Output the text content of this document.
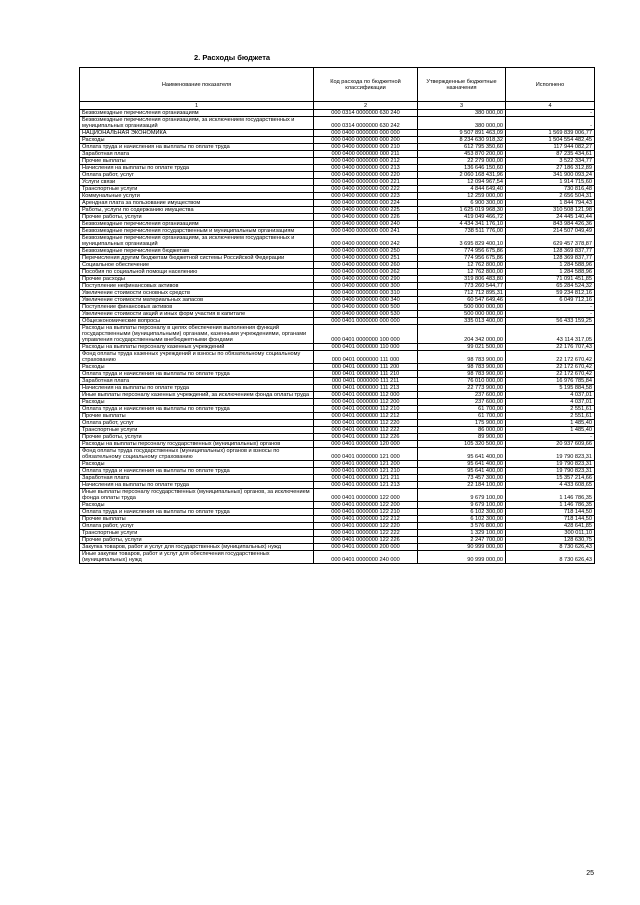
2. Расходы бюджета
Наименование показателя	Код расхода по бюджетной классификации	Утвержденные бюджетные назначения	Исполнено
1	2	3	4
Безвозмездные перечисления организациям	000 0314 0000000 630 240	380 000,00	-
Безвозмездные перечисления организациям, за исключением государственных и муниципальных организаций	000 0314 0000000 630 242	380 000,00	-
НАЦИОНАЛЬНАЯ ЭКОНОМИКА	000 0400 0000000 000 000	9 507 891 463,09	1 569 839 006,77
Расходы	000 0400 0000000 000 200	8 234 630 918,32	1 504 554 482,45
Оплата труда и начисления на выплаты по оплате труда	000 0400 0000000 000 210	612 795 350,60	117 944 082,27
Заработная плата	000 0400 0000000 000 211	453 870 200,00	87 235 434,61
Прочие выплаты	000 0400 0000000 000 212	22 279 000,00	3 522 334,77
Начисления на выплаты по оплате труда	000 0400 0000000 000 213	136 646 150,60	27 186 312,89
Оплата работ, услуг	000 0400 0000000 000 220	2 060 168 431,96	341 900 093,24
Услуги связи	000 0400 0000000 000 221	12 094 967,54	1 914 715,60
Транспортные услуги	000 0400 0000000 000 222	4 844 649,40	730 816,48
Коммунальные услуги	000 0400 0000000 000 223	12 259 000,00	2 656 504,31
Арендная плата за пользование имуществом	000 0400 0000000 000 224	6 900 300,00	1 844 794,43
Работы, услуги по содержанию имущества	000 0400 0000000 000 225	1 625 019 968,30	310 508 121,98
Прочие работы, услуги	000 0400 0000000 000 226	419 049 466,72	24 445 140,44
Безвозмездные перечисления организациям	000 0400 0000000 000 240	4 434 341 176,10	843 984 426,36
Безвозмездные перечисления государственным и муниципальным организациям	000 0400 0000000 000 241	738 511 776,00	214 507 049,49
Безвозмездные перечисления организациям, за исключением государственных и муниципальных организаций	000 0400 0000000 000 242	3 695 829 400,10	629 457 378,87
Безвозмездные перечисления бюджетам	000 0400 0000000 000 250	774 956 675,86	128 369 837,77
Перечисления другим бюджетам бюджетной системы Российской Федерации	000 0400 0000000 000 251	774 956 675,86	128 369 837,77
Социальное обеспечение	000 0400 0000000 000 260	12 762 800,00	1 284 588,96
Пособия по социальной помощи населению	000 0400 0000000 000 262	12 762 800,00	1 284 588,96
Прочие расходы	000 0400 0000000 000 290	319 806 483,80	71 091 451,85
Поступление нефинансовых активов	000 0400 0000000 000 300	773 260 544,77	65 284 524,32
Увеличение стоимости основных средств	000 0400 0000000 000 310	712 712 895,31	59 234 812,16
Увеличение стоимости материальных запасов	000 0400 0000000 000 340	60 547 649,46	6 049 712,16
Поступление финансовых активов	000 0400 0000000 000 500	500 000 000,00	-
Увеличение стоимости акций и иных форм участия в капитале	000 0400 0000000 000 530	500 000 000,00	-
Общеэкономические вопросы	000 0401 0000000 000 000	335 013 400,00	56 433 159,25
Расходы на выплаты персоналу в целях обеспечения выполнения функций государственными (муниципальными) органами, казенными учреждениями, органами управления государственными внебюджетными фондами	000 0401 0000000 100 000	204 342 000,00	43 114 317,05
Расходы на выплаты персоналу казенных учреждений	000 0401 0000000 110 000	99 021 500,00	22 176 707,43
Фонд оплаты труда казенных учреждений и взносы по обязательному социальному страхованию	000 0401 0000000 111 000	98 783 900,00	22 172 670,42
Расходы	000 0401 0000000 111 200	98 783 900,00	22 172 670,42
Оплата труда и начисления на выплаты по оплате труда	000 0401 0000000 111 210	98 783 900,00	22 172 670,42
Заработная плата	000 0401 0000000 111 211	76 010 000,00	16 976 785,84
Начисления на выплаты по оплате труда	000 0401 0000000 111 213	22 773 900,00	5 195 884,58
Иные выплаты персоналу казенных учреждений, за исключением фонда оплаты труда	000 0401 0000000 112 000	237 600,00	4 037,01
Расходы	000 0401 0000000 112 200	237 600,00	4 037,01
Оплата труда и начисления на выплаты по оплате труда	000 0401 0000000 112 210	61 700,00	2 551,61
Прочие выплаты	000 0401 0000000 112 212	61 700,00	2 551,61
Оплата работ, услуг	000 0401 0000000 112 220	175 900,00	1 485,40
Транспортные услуги	000 0401 0000000 112 222	86 000,00	1 485,40
Прочие работы, услуги	000 0401 0000000 112 226	89 900,00	-
Расходы на выплаты персоналу государственных (муниципальных) органов	000 0401 0000000 120 000	105 320 500,00	20 937 609,66
Фонд оплаты труда государственных (муниципальных) органов и взносы по обязательному социальному страхованию	000 0401 0000000 121 000	95 641 400,00	19 790 823,31
Расходы	000 0401 0000000 121 200	95 641 400,00	19 790 823,31
Оплата труда и начисления на выплаты по оплате труда	000 0401 0000000 121 210	95 641 400,00	19 790 823,31
Заработная плата	000 0401 0000000 121 211	73 457 300,00	15 357 214,66
Начисления на выплаты по оплате труда	000 0401 0000000 121 213	22 184 100,00	4 433 608,65
Иные выплаты персоналу государственных (муниципальных) органов, за исключением фонда оплаты труда	000 0401 0000000 122 000	9 679 100,00	1 146 786,35
Расходы	000 0401 0000000 122 200	9 679 100,00	1 146 786,35
Оплата труда и начисления на выплаты по оплате труда	000 0401 0000000 122 210	6 102 300,00	718 144,50
Прочие выплаты	000 0401 0000000 122 212	6 102 300,00	718 144,50
Оплата работ, услуг	000 0401 0000000 122 220	3 576 800,00	428 641,85
Транспортные услуги	000 0401 0000000 122 222	1 329 100,00	300 011,10
Прочие работы, услуги	000 0401 0000000 122 226	2 247 700,00	128 630,75
Закупка товаров, работ и услуг для государственных (муниципальных) нужд	000 0401 0000000 200 000	90 999 000,00	8 730 626,43
Иные закупки товаров, работ и услуг для обеспечения государственных (муниципальных) нужд	000 0401 0000000 240 000	90 999 000,00	8 730 626,43
25
